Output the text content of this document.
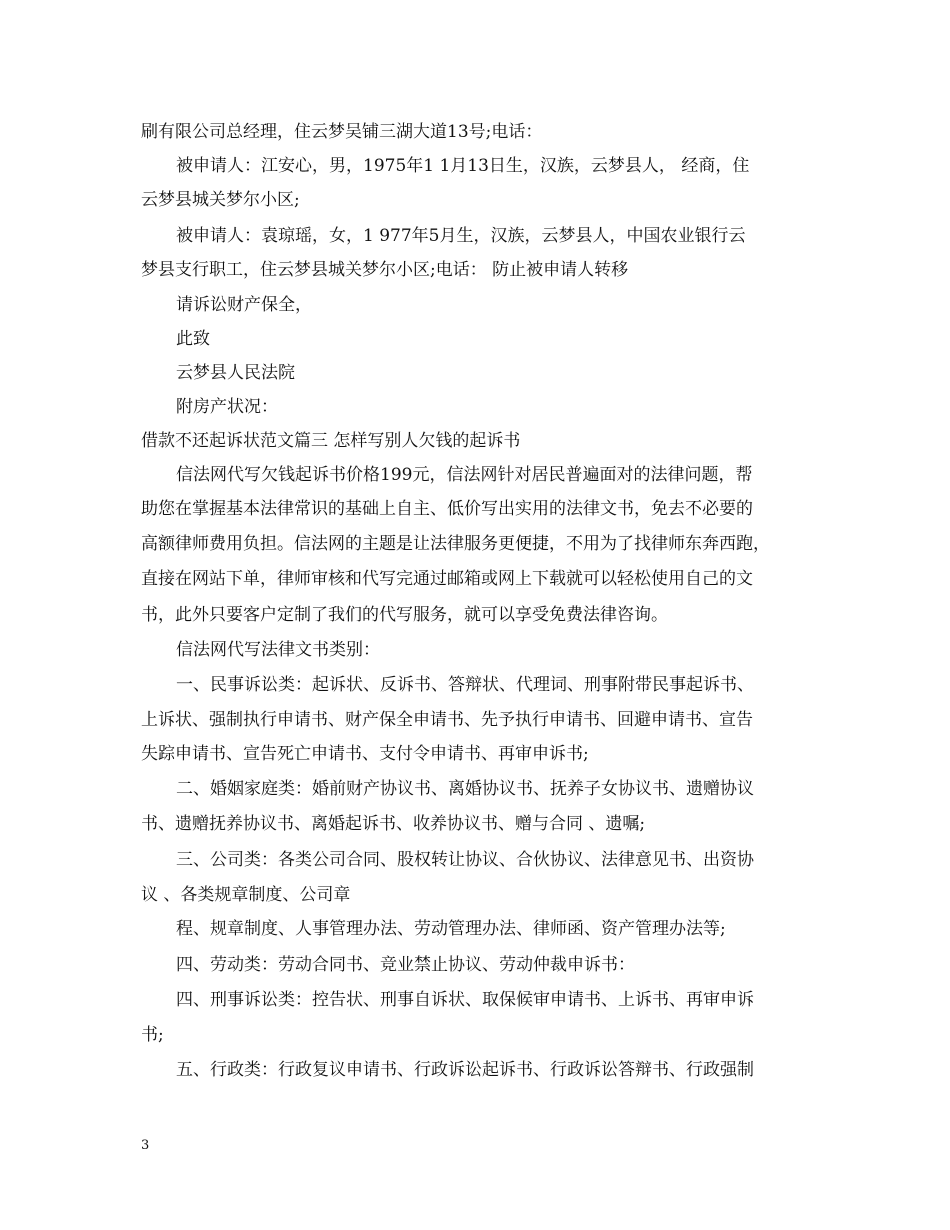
刷有限公司总经理，住云梦吴铺三湖大道13号;电话：
被申请人：江安心，男，1975年1 1月13日生，汉族，云梦县人， 经商，住
云梦县城关梦尔小区;
被申请人：袁琼瑶，女，1 977年5月生，汉族，云梦县人，中国农业银行云
梦县支行职工，住云梦县城关梦尔小区;电话： 防止被申请人转移
请诉讼财产保全，
此致
云梦县人民法院
附房产状况：
借款不还起诉状范文篇三 怎样写别人欠钱的起诉书
信法网代写欠钱起诉书价格199元，信法网针对居民普遍面对的法律问题，帮
助您在掌握基本法律常识的基础上自主、低价写出实用的法律文书，免去不必要的
高额律师费用负担。信法网的主题是让法律服务更便捷，不用为了找律师东奔西跑，
直接在网站下单，律师审核和代写完通过邮箱或网上下载就可以轻松使用自己的文
书，此外只要客户定制了我们的代写服务，就可以享受免费法律咨询。
信法网代写法律文书类别：
一、民事诉讼类：起诉状、反诉书、答辩状、代理词、刑事附带民事起诉书、
上诉状、强制执行申请书、财产保全申请书、先予执行申请书、回避申请书、宣告
失踪申请书、宣告死亡申请书、支付令申请书、再审申诉书;
二、婚姻家庭类：婚前财产协议书、离婚协议书、抚养子女协议书、遗赠协议
书、遗赠抚养协议书、离婚起诉书、收养协议书、赠与合同 、遗嘱;
三、公司类：各类公司合同、股权转让协议、合伙协议、法律意见书、出资协
议 、各类规章制度、公司章
程、规章制度、人事管理办法、劳动管理办法、律师函、资产管理办法等;
四、劳动类：劳动合同书、竞业禁止协议、劳动仲裁申诉书：
四、刑事诉讼类：控告状、刑事自诉状、取保候审申请书、上诉书、再审申诉
书;
五、行政类：行政复议申请书、行政诉讼起诉书、行政诉讼答辩书、行政强制
3
